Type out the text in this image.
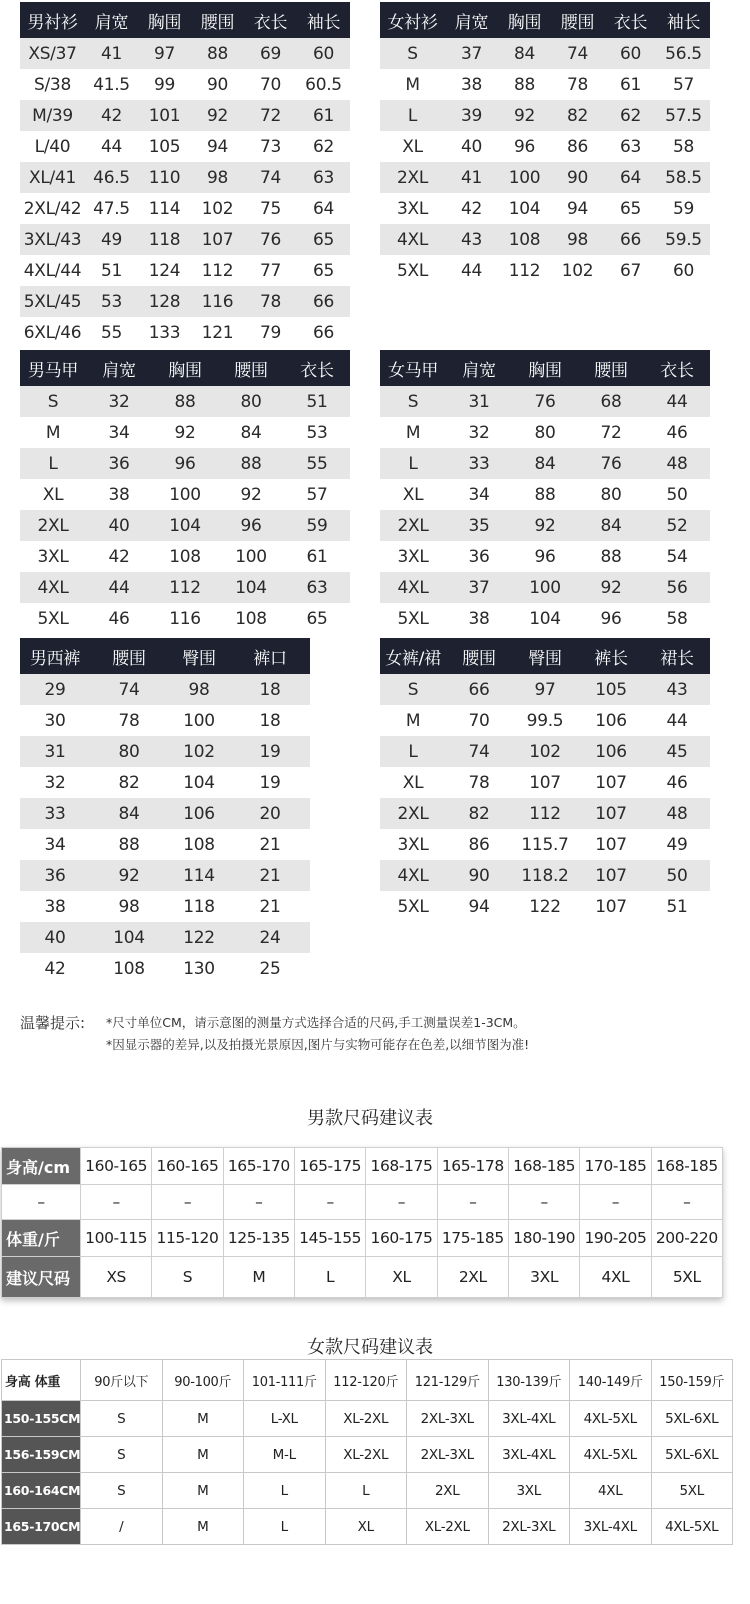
男衬衫	肩宽	胸围	腰围	衣长	袖长
XS/37	41	97	88	69	60
S/38	41.5	99	90	70	60.5
M/39	42	101	92	72	61
L/40	44	105	94	73	62
XL/41	46.5	110	98	74	63
2XL/42	47.5	114	102	75	64
3XL/43	49	118	107	76	65
4XL/44	51	124	112	77	65
5XL/45	53	128	116	78	66
6XL/46	55	133	121	79	66
女衬衫	肩宽	胸围	腰围	衣长	袖长
S	37	84	74	60	56.5
M	38	88	78	61	57
L	39	92	82	62	57.5
XL	40	96	86	63	58
2XL	41	100	90	64	58.5
3XL	42	104	94	65	59
4XL	43	108	98	66	59.5
5XL	44	112	102	67	60
男马甲	肩宽	胸围	腰围	衣长
S	32	88	80	51
M	34	92	84	53
L	36	96	88	55
XL	38	100	92	57
2XL	40	104	96	59
3XL	42	108	100	61
4XL	44	112	104	63
5XL	46	116	108	65
女马甲	肩宽	胸围	腰围	衣长
S	31	76	68	44
M	32	80	72	46
L	33	84	76	48
XL	34	88	80	50
2XL	35	92	84	52
3XL	36	96	88	54
4XL	37	100	92	56
5XL	38	104	96	58
男西裤	腰围	臀围	裤口
29	74	98	18
30	78	100	18
31	80	102	19
32	82	104	19
33	84	106	20
34	88	108	21
36	92	114	21
38	98	118	21
40	104	122	24
42	108	130	25
女裤/裙	腰围	臀围	裤长	裙长
S	66	97	105	43
M	70	99.5	106	44
L	74	102	106	45
XL	78	107	107	46
2XL	82	112	107	48
3XL	86	115.7	107	49
4XL	90	118.2	107	50
5XL	94	122	107	51
温馨提示:	*尺寸单位CM，请示意图的测量方式选择合适的尺码,手工测量误差1-3CM。
*因显示器的差异,以及拍摄光景原因,图片与实物可能存在色差,以细节图为准!
男款尺码建议表
身高/cm	160-165	160-165	165-170	165-175	168-175	165-178	168-185	170-185	168-185
–	–	–	–	–	–	–	–	–	–
体重/斤	100-115	115-120	125-135	145-155	160-175	175-185	180-190	190-205	200-220
建议尺码	XS	S	M	L	XL	2XL	3XL	4XL	5XL
女款尺码建议表
身高 体重	90斤以下	90-100斤	101-111斤	112-120斤	121-129斤	130-139斤	140-149斤	150-159斤
150-155CM	S	M	L-XL	XL-2XL	2XL-3XL	3XL-4XL	4XL-5XL	5XL-6XL
156-159CM	S	M	M-L	XL-2XL	2XL-3XL	3XL-4XL	4XL-5XL	5XL-6XL
160-164CM	S	M	L	L	2XL	3XL	4XL	5XL
165-170CM	/	M	L	XL	XL-2XL	2XL-3XL	3XL-4XL	4XL-5XL
